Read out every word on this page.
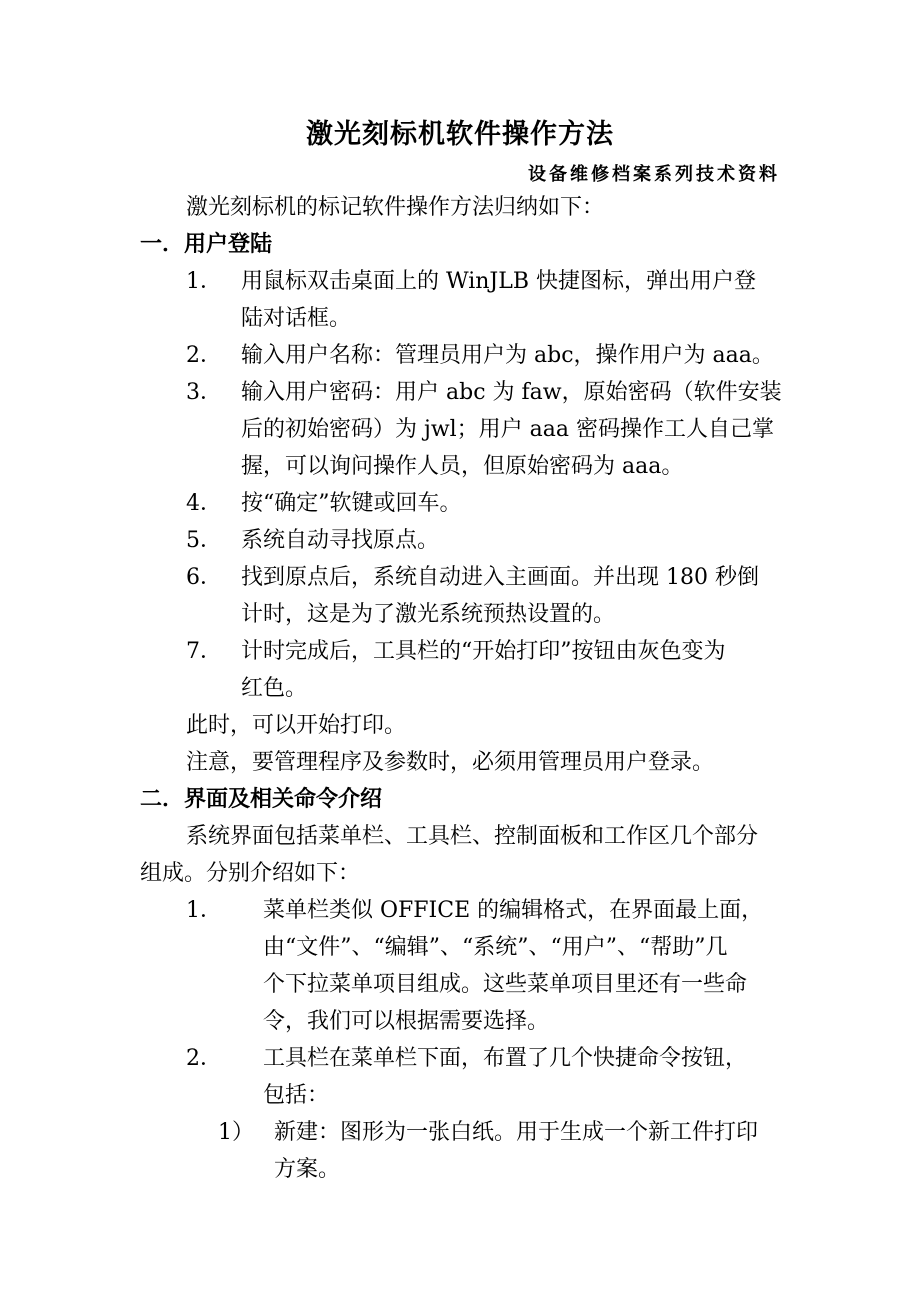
激光刻标机软件操作方法
设备维修档案系列技术资料
激光刻标机的标记软件操作方法归纳如下：
一．用户登陆
1． 用鼠标双击桌面上的 WinJLB 快捷图标，弹出用户登
陆对话框。
2． 输入用户名称：管理员用户为 abc，操作用户为 aaa。
3． 输入用户密码：用户 abc 为 faw，原始密码（软件安装
后的初始密码）为 jwl；用户 aaa 密码操作工人自己掌
握，可以询问操作人员，但原始密码为 aaa。
4． 按“确定”软键或回车。
5． 系统自动寻找原点。
6． 找到原点后，系统自动进入主画面。并出现 180 秒倒
计时，这是为了激光系统预热设置的。
7． 计时完成后，工具栏的“开始打印”按钮由灰色变为
红色。
此时，可以开始打印。
注意，要管理程序及参数时，必须用管理员用户登录。
二．界面及相关命令介绍
系统界面包括菜单栏、工具栏、控制面板和工作区几个部分
组成。分别介绍如下：
1． 菜单栏类似 OFFICE 的编辑格式，在界面最上面，
由“文件”、“编辑”、“系统”、“用户”、“帮助”几
个下拉菜单项目组成。这些菜单项目里还有一些命
令，我们可以根据需要选择。
2． 工具栏在菜单栏下面，布置了几个快捷命令按钮，
包括：
1） 新建：图形为一张白纸。用于生成一个新工件打印
方案。
